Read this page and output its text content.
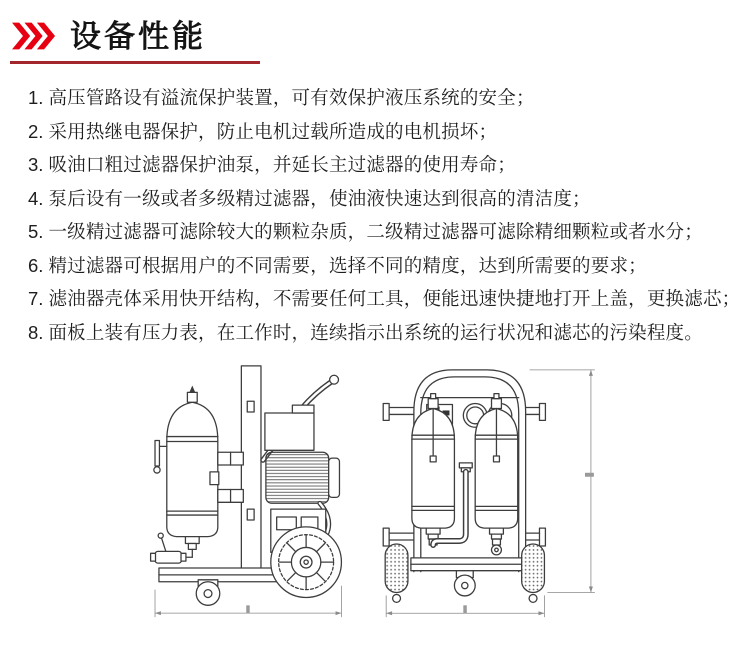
设备性能
1. 高压管路设有溢流保护装置，可有效保护液压系统的安全；
2. 采用热继电器保护，防止电机过载所造成的电机损坏；
3. 吸油口粗过滤器保护油泵，并延长主过滤器的使用寿命；
4. 泵后设有一级或者多级精过滤器，使油液快速达到很高的清洁度；
5. 一级精过滤器可滤除较大的颗粒杂质，二级精过滤器可滤除精细颗粒或者水分；
6. 精过滤器可根据用户的不同需要，选择不同的精度，达到所需要的要求；
7. 滤油器壳体采用快开结构，不需要任何工具，便能迅速快捷地打开上盖，更换滤芯；
8. 面板上装有压力表，在工作时，连续指示出系统的运行状况和滤芯的污染程度。
